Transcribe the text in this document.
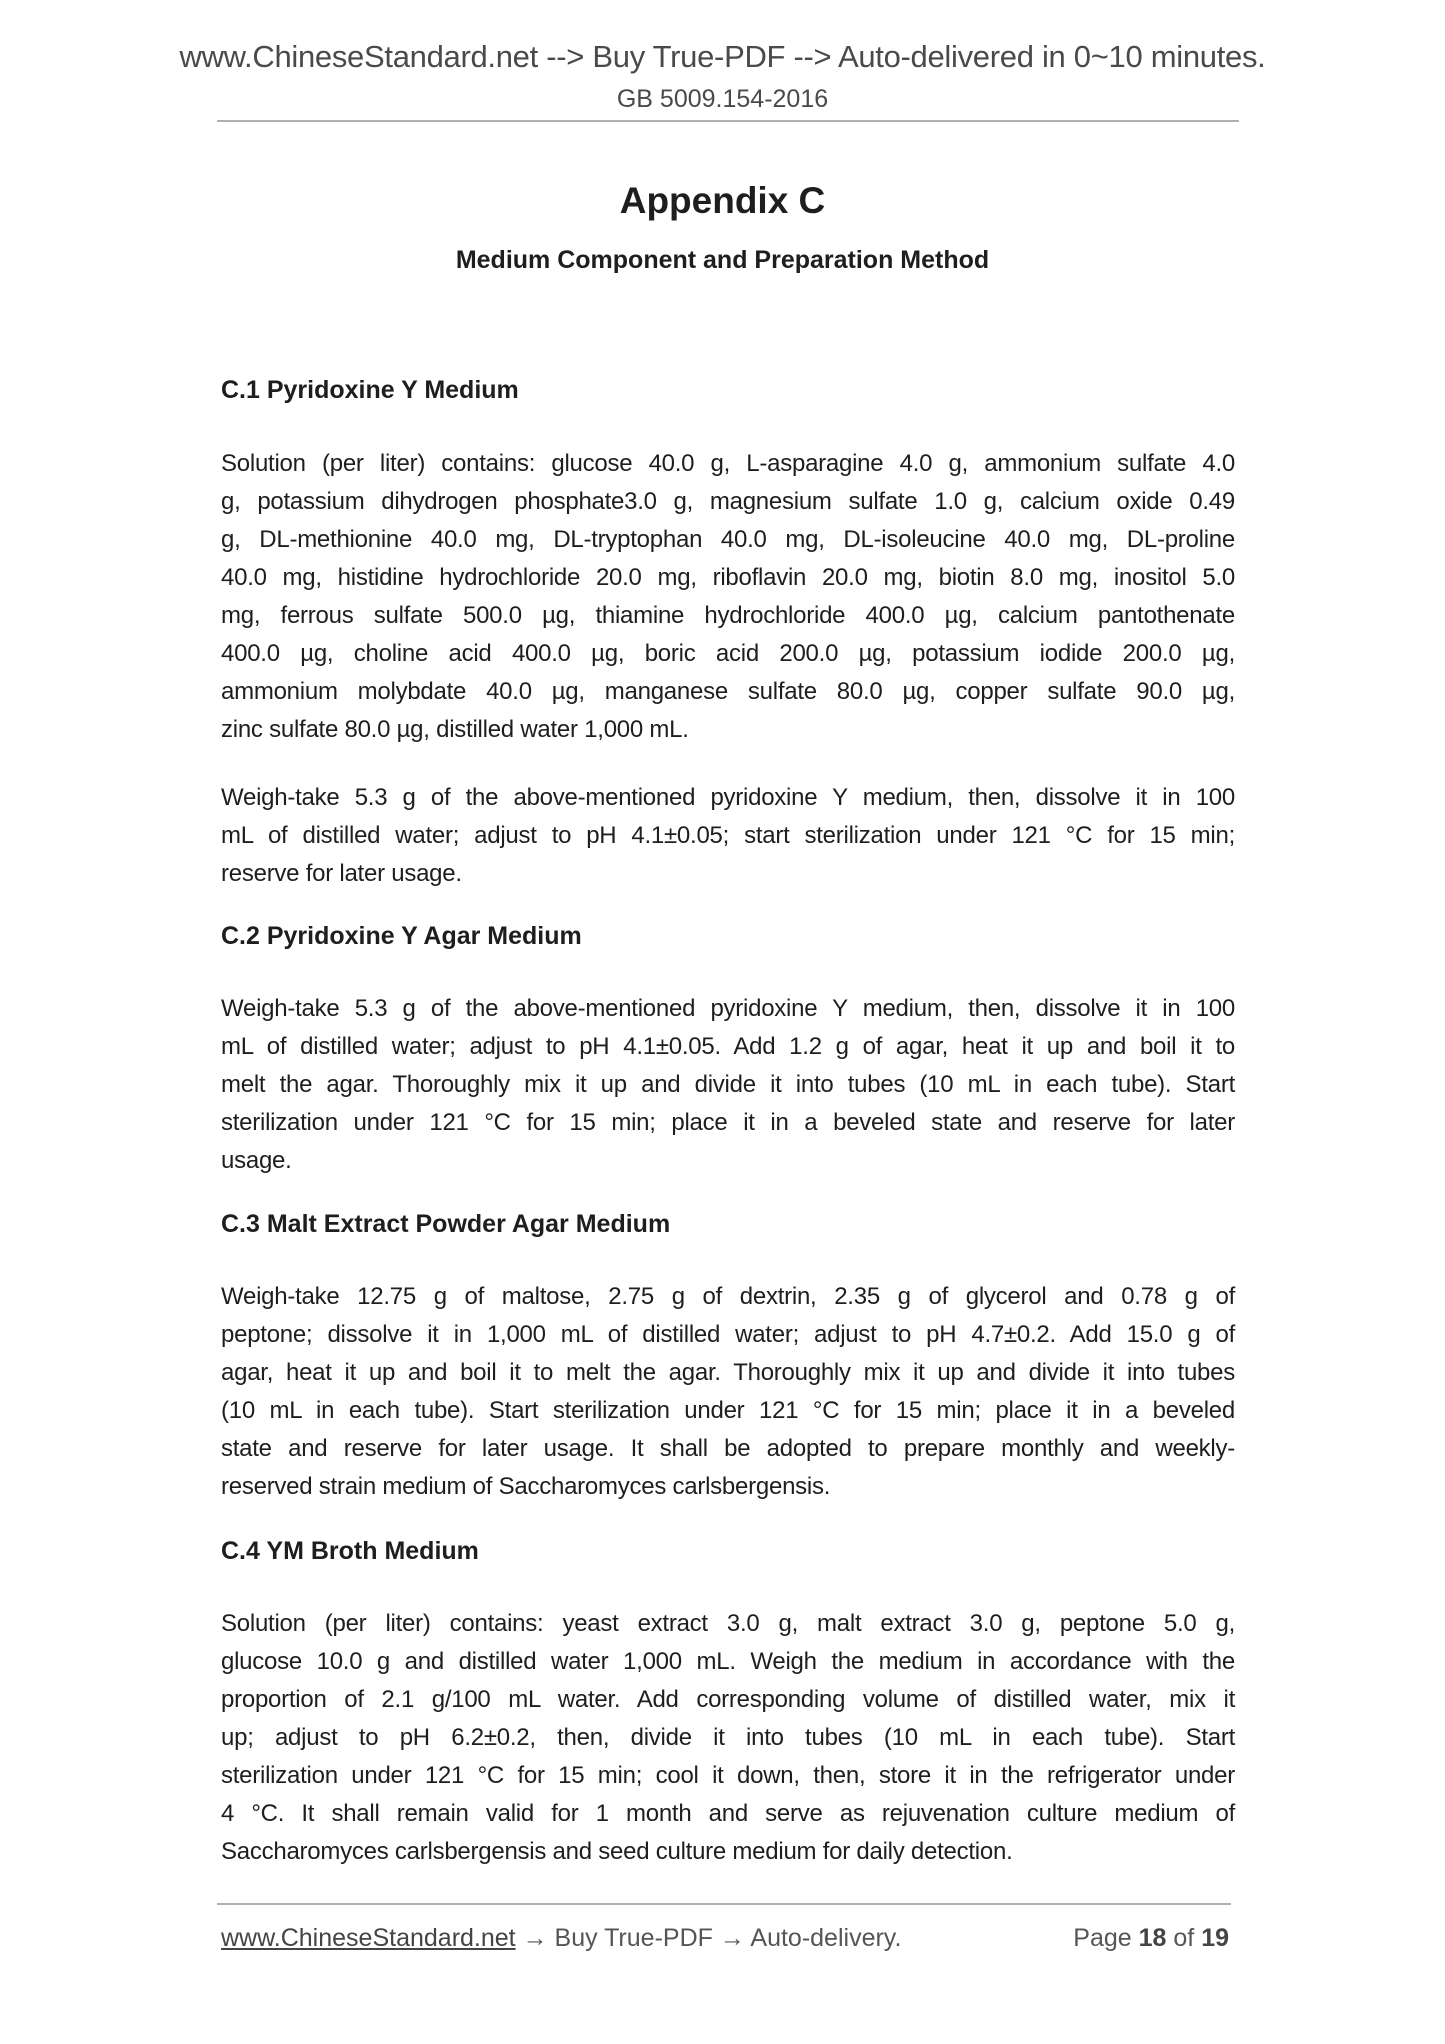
www.ChineseStandard.net --> Buy True-PDF --> Auto-delivered in 0~10 minutes.
GB 5009.154-2016
Appendix C
Medium Component and Preparation Method
C.1 Pyridoxine Y Medium
Solution (per liter) contains: glucose 40.0 g, L-asparagine 4.0 g, ammonium sulfate 4.0
g, potassium dihydrogen phosphate3.0 g, magnesium sulfate 1.0 g, calcium oxide 0.49
g, DL-methionine 40.0 mg, DL-tryptophan 40.0 mg, DL-isoleucine 40.0 mg, DL-proline
40.0 mg, histidine hydrochloride 20.0 mg, riboflavin 20.0 mg, biotin 8.0 mg, inositol 5.0
mg, ferrous sulfate 500.0 µg, thiamine hydrochloride 400.0 µg, calcium pantothenate
400.0 µg, choline acid 400.0 µg, boric acid 200.0 µg, potassium iodide 200.0 µg,
ammonium molybdate 40.0 µg, manganese sulfate 80.0 µg, copper sulfate 90.0 µg,
zinc sulfate 80.0 µg, distilled water 1,000 mL.
Weigh-take 5.3 g of the above-mentioned pyridoxine Y medium, then, dissolve it in 100
mL of distilled water; adjust to pH 4.1±0.05; start sterilization under 121 °C for 15 min;
reserve for later usage.
C.2 Pyridoxine Y Agar Medium
Weigh-take 5.3 g of the above-mentioned pyridoxine Y medium, then, dissolve it in 100
mL of distilled water; adjust to pH 4.1±0.05. Add 1.2 g of agar, heat it up and boil it to
melt the agar. Thoroughly mix it up and divide it into tubes (10 mL in each tube). Start
sterilization under 121 °C for 15 min; place it in a beveled state and reserve for later
usage.
C.3 Malt Extract Powder Agar Medium
Weigh-take 12.75 g of maltose, 2.75 g of dextrin, 2.35 g of glycerol and 0.78 g of
peptone; dissolve it in 1,000 mL of distilled water; adjust to pH 4.7±0.2. Add 15.0 g of
agar, heat it up and boil it to melt the agar. Thoroughly mix it up and divide it into tubes
(10 mL in each tube). Start sterilization under 121 °C for 15 min; place it in a beveled
state and reserve for later usage. It shall be adopted to prepare monthly and weekly-
reserved strain medium of Saccharomyces carlsbergensis.
C.4 YM Broth Medium
Solution (per liter) contains: yeast extract 3.0 g, malt extract 3.0 g, peptone 5.0 g,
glucose 10.0 g and distilled water 1,000 mL. Weigh the medium in accordance with the
proportion of 2.1 g/100 mL water. Add corresponding volume of distilled water, mix it
up; adjust to pH 6.2±0.2, then, divide it into tubes (10 mL in each tube). Start
sterilization under 121 °C for 15 min; cool it down, then, store it in the refrigerator under
4 °C. It shall remain valid for 1 month and serve as rejuvenation culture medium of
Saccharomyces carlsbergensis and seed culture medium for daily detection.
www.ChineseStandard.net → Buy True-PDF → Auto-delivery.	Page 18 of 19
